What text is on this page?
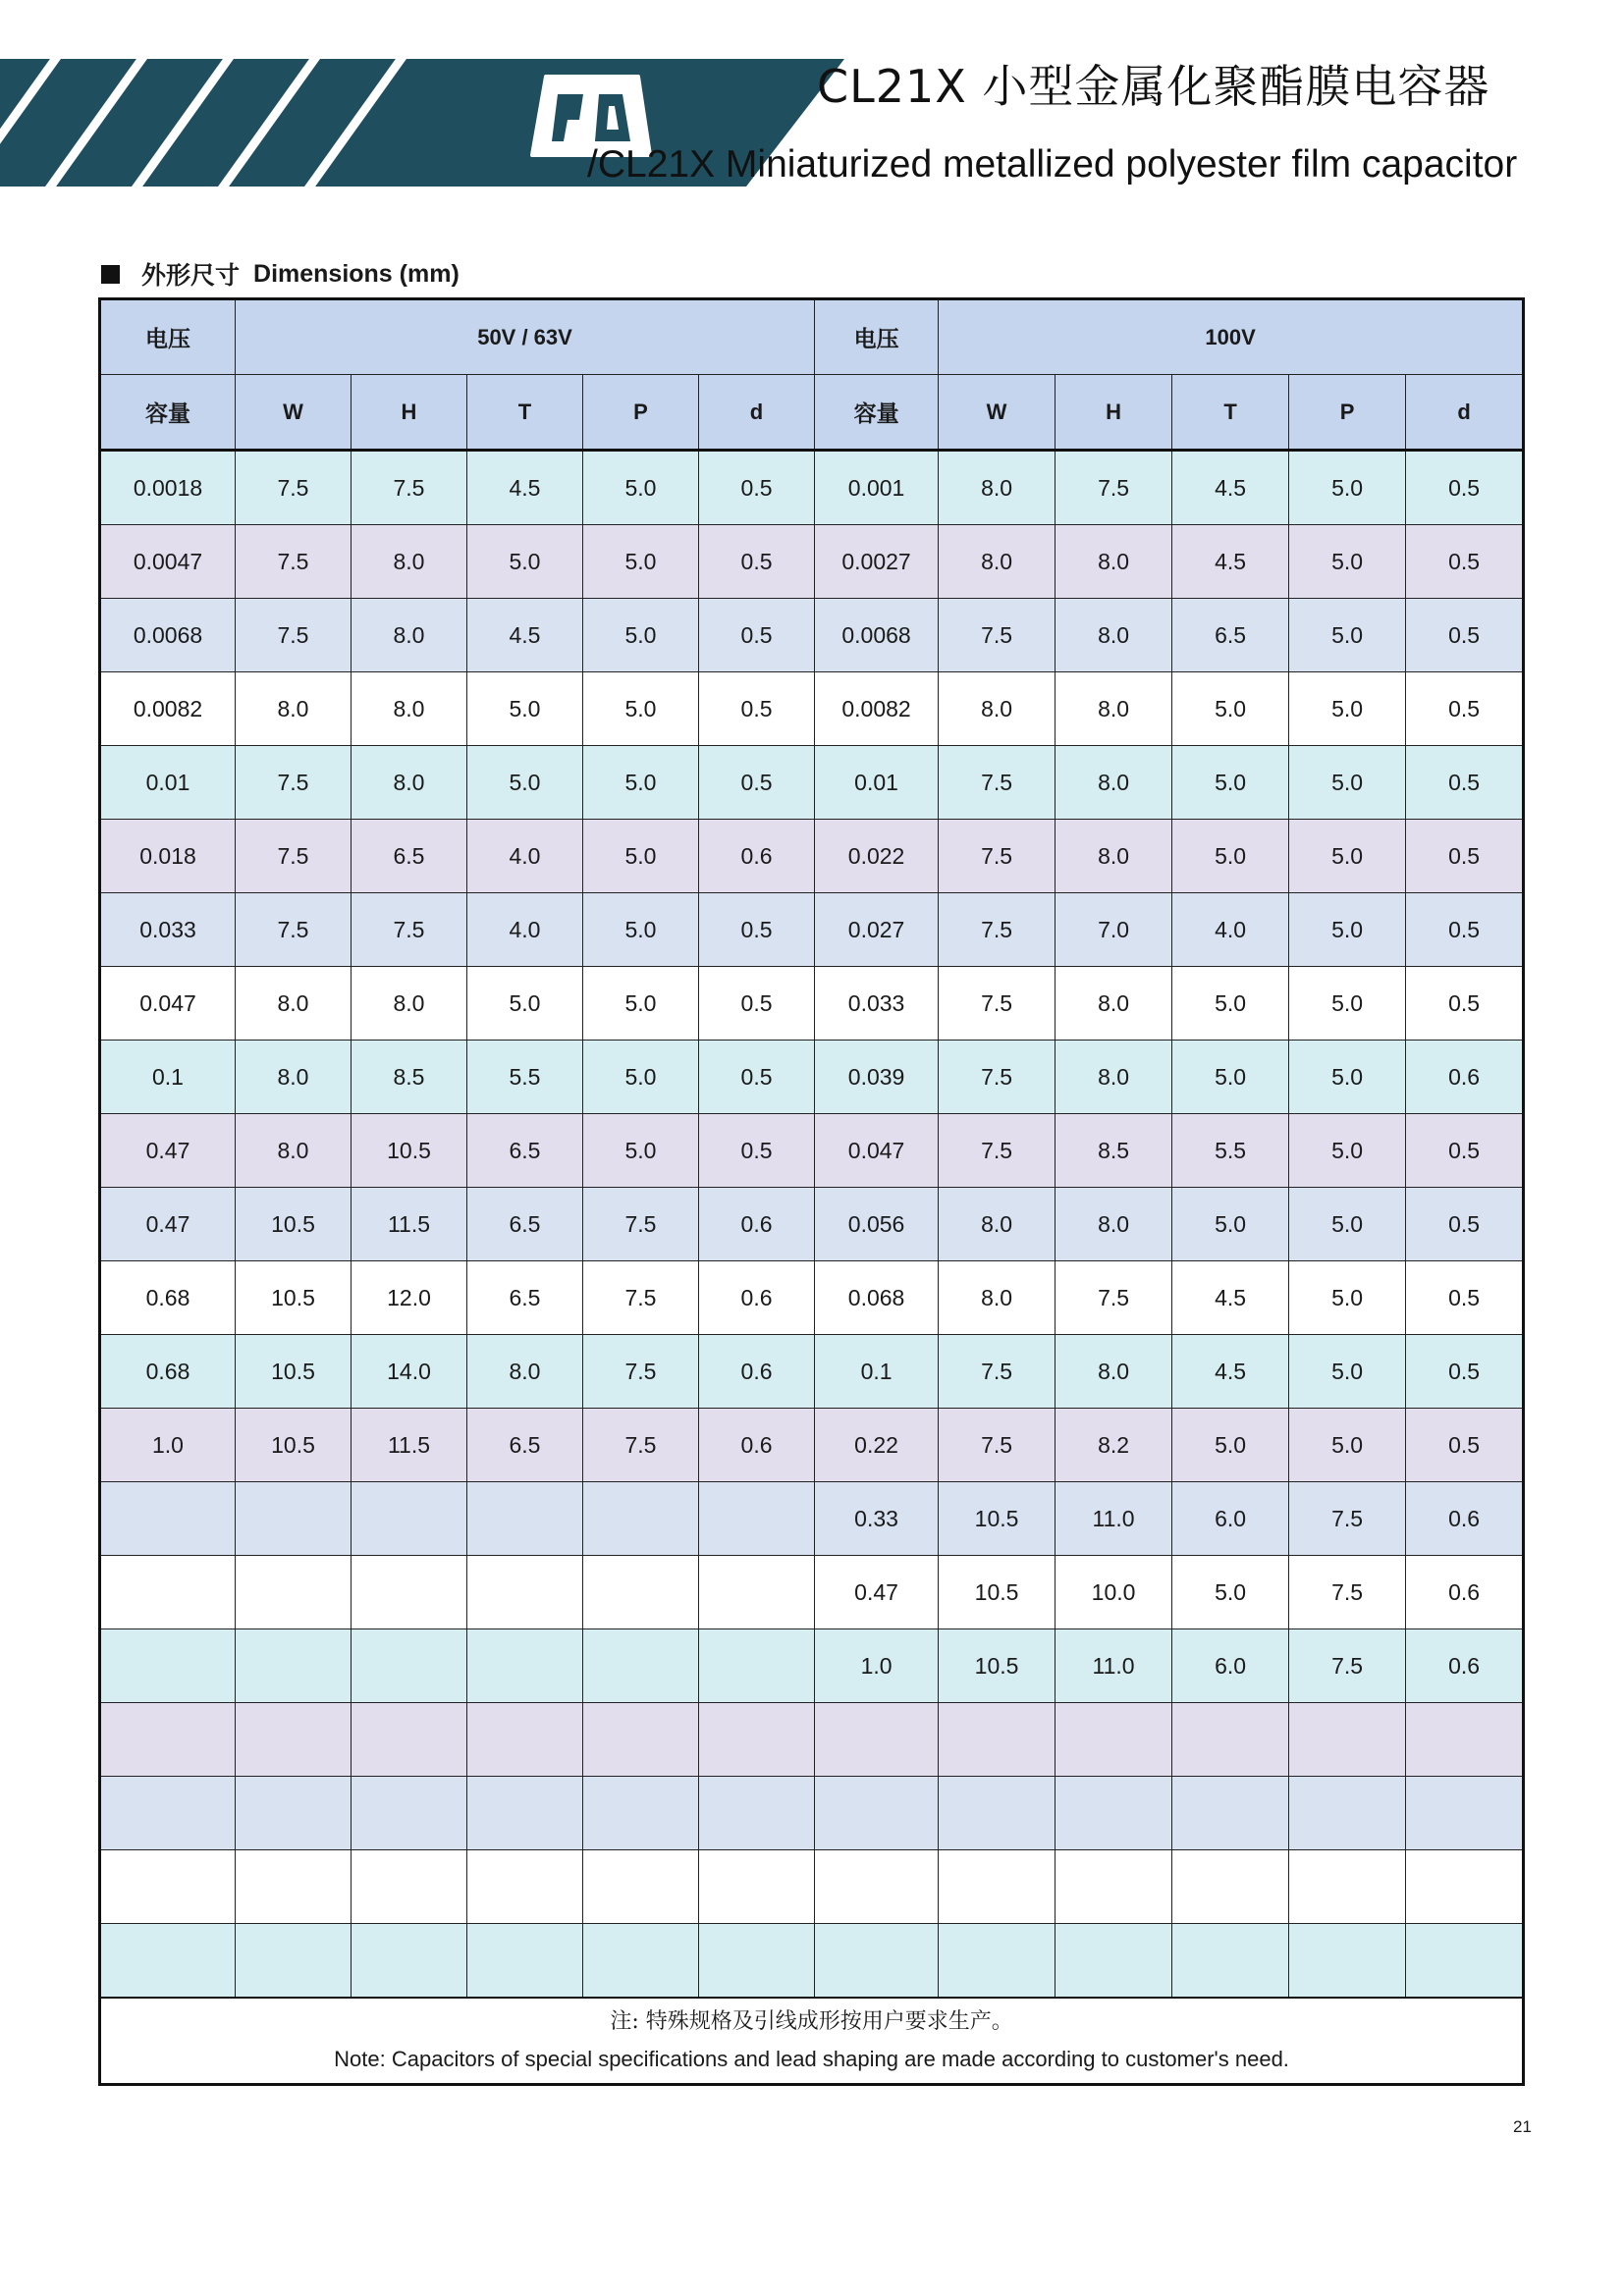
CL21X 小型金属化聚酯膜电容器
/CL21X Miniaturized metallized polyester film capacitor
外形尺寸 Dimensions (mm)
电压	50V / 63V					电压	100V				
容量	W	H	T	P	d	容量	W	H	T	P	d
0.0018	7.5	7.5	4.5	5.0	0.5	0.001	8.0	7.5	4.5	5.0	0.5
0.0047	7.5	8.0	5.0	5.0	0.5	0.0027	8.0	8.0	4.5	5.0	0.5
0.0068	7.5	8.0	4.5	5.0	0.5	0.0068	7.5	8.0	6.5	5.0	0.5
0.0082	8.0	8.0	5.0	5.0	0.5	0.0082	8.0	8.0	5.0	5.0	0.5
0.01	7.5	8.0	5.0	5.0	0.5	0.01	7.5	8.0	5.0	5.0	0.5
0.018	7.5	6.5	4.0	5.0	0.6	0.022	7.5	8.0	5.0	5.0	0.5
0.033	7.5	7.5	4.0	5.0	0.5	0.027	7.5	7.0	4.0	5.0	0.5
0.047	8.0	8.0	5.0	5.0	0.5	0.033	7.5	8.0	5.0	5.0	0.5
0.1	8.0	8.5	5.5	5.0	0.5	0.039	7.5	8.0	5.0	5.0	0.6
0.47	8.0	10.5	6.5	5.0	0.5	0.047	7.5	8.5	5.5	5.0	0.5
0.47	10.5	11.5	6.5	7.5	0.6	0.056	8.0	8.0	5.0	5.0	0.5
0.68	10.5	12.0	6.5	7.5	0.6	0.068	8.0	7.5	4.5	5.0	0.5
0.68	10.5	14.0	8.0	7.5	0.6	0.1	7.5	8.0	4.5	5.0	0.5
1.0	10.5	11.5	6.5	7.5	0.6	0.22	7.5	8.2	5.0	5.0	0.5
						0.33	10.5	11.0	6.0	7.5	0.6
						0.47	10.5	10.0	5.0	7.5	0.6
						1.0	10.5	11.0	6.0	7.5	0.6

注: 特殊规格及引线成形按用户要求生产。
Note: Capacitors of special specifications and lead shaping are made according to customer's need.											
21
